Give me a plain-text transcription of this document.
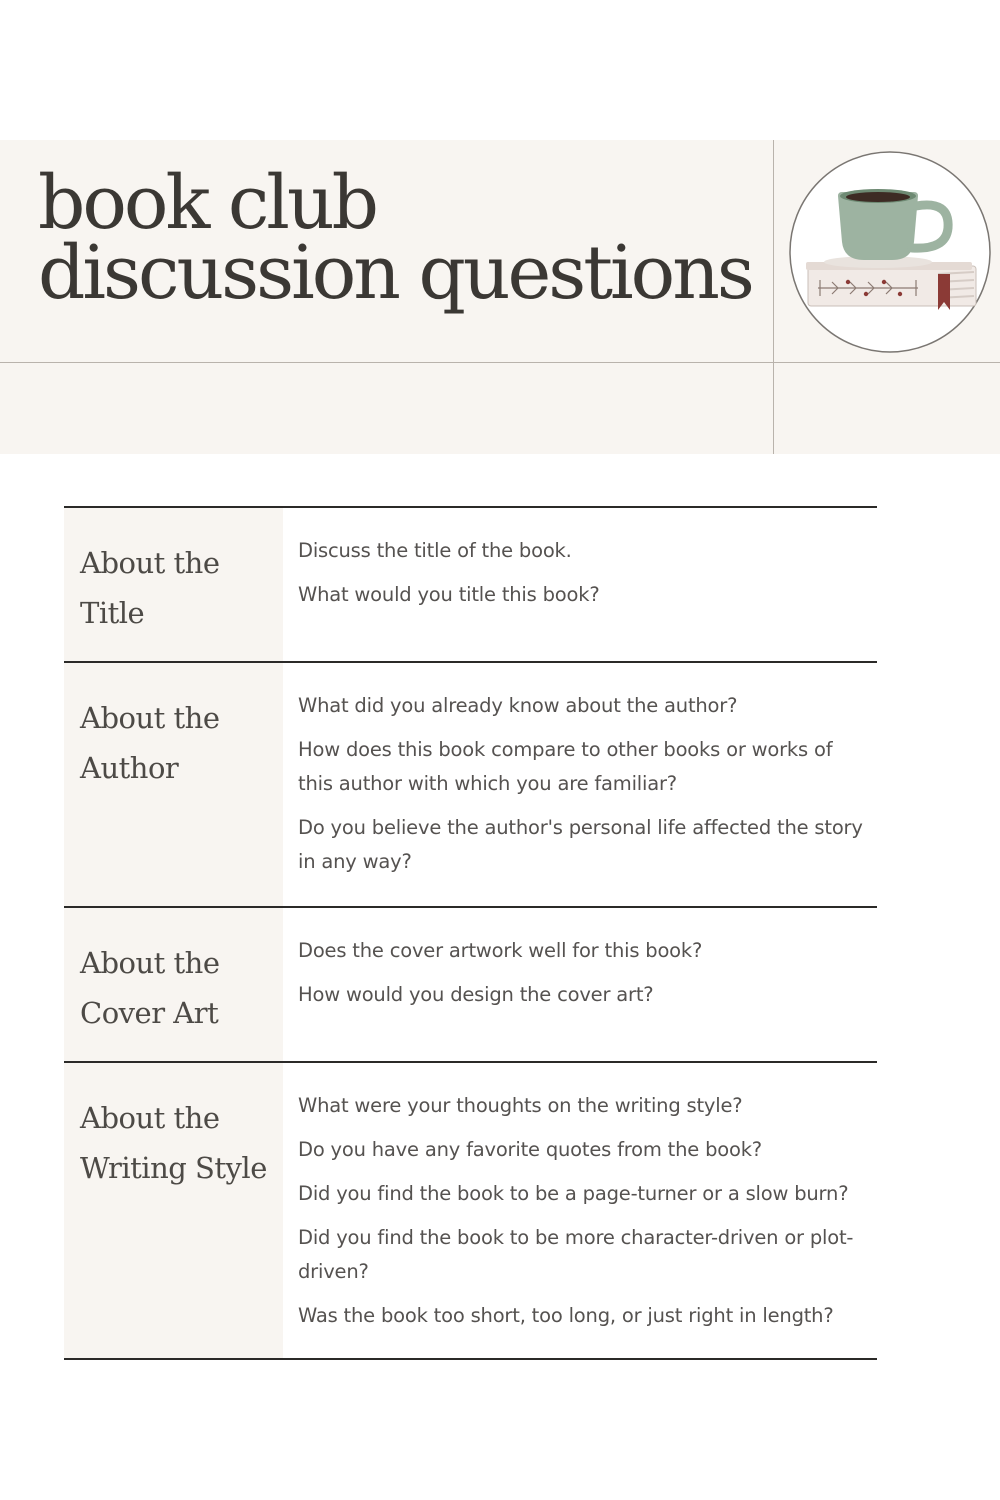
book club
discussion questions
About the
Title

Discuss the title of the book.

What would you title this book?

About the
Author

What did you already know about the author?

How does this book compare to other books or works of this author with which you are familiar?

Do you believe the author's personal life affected the story in any way?

About the
Cover Art

Does the cover artwork well for this book?

How would you design the cover art?

About the
Writing Style

What were your thoughts on the writing style?

Do you have any favorite quotes from the book?

Did you find the book to be a page-turner or a slow burn?

Did you find the book to be more character-driven or plot-driven?

Was the book too short, too long, or just right in length?
